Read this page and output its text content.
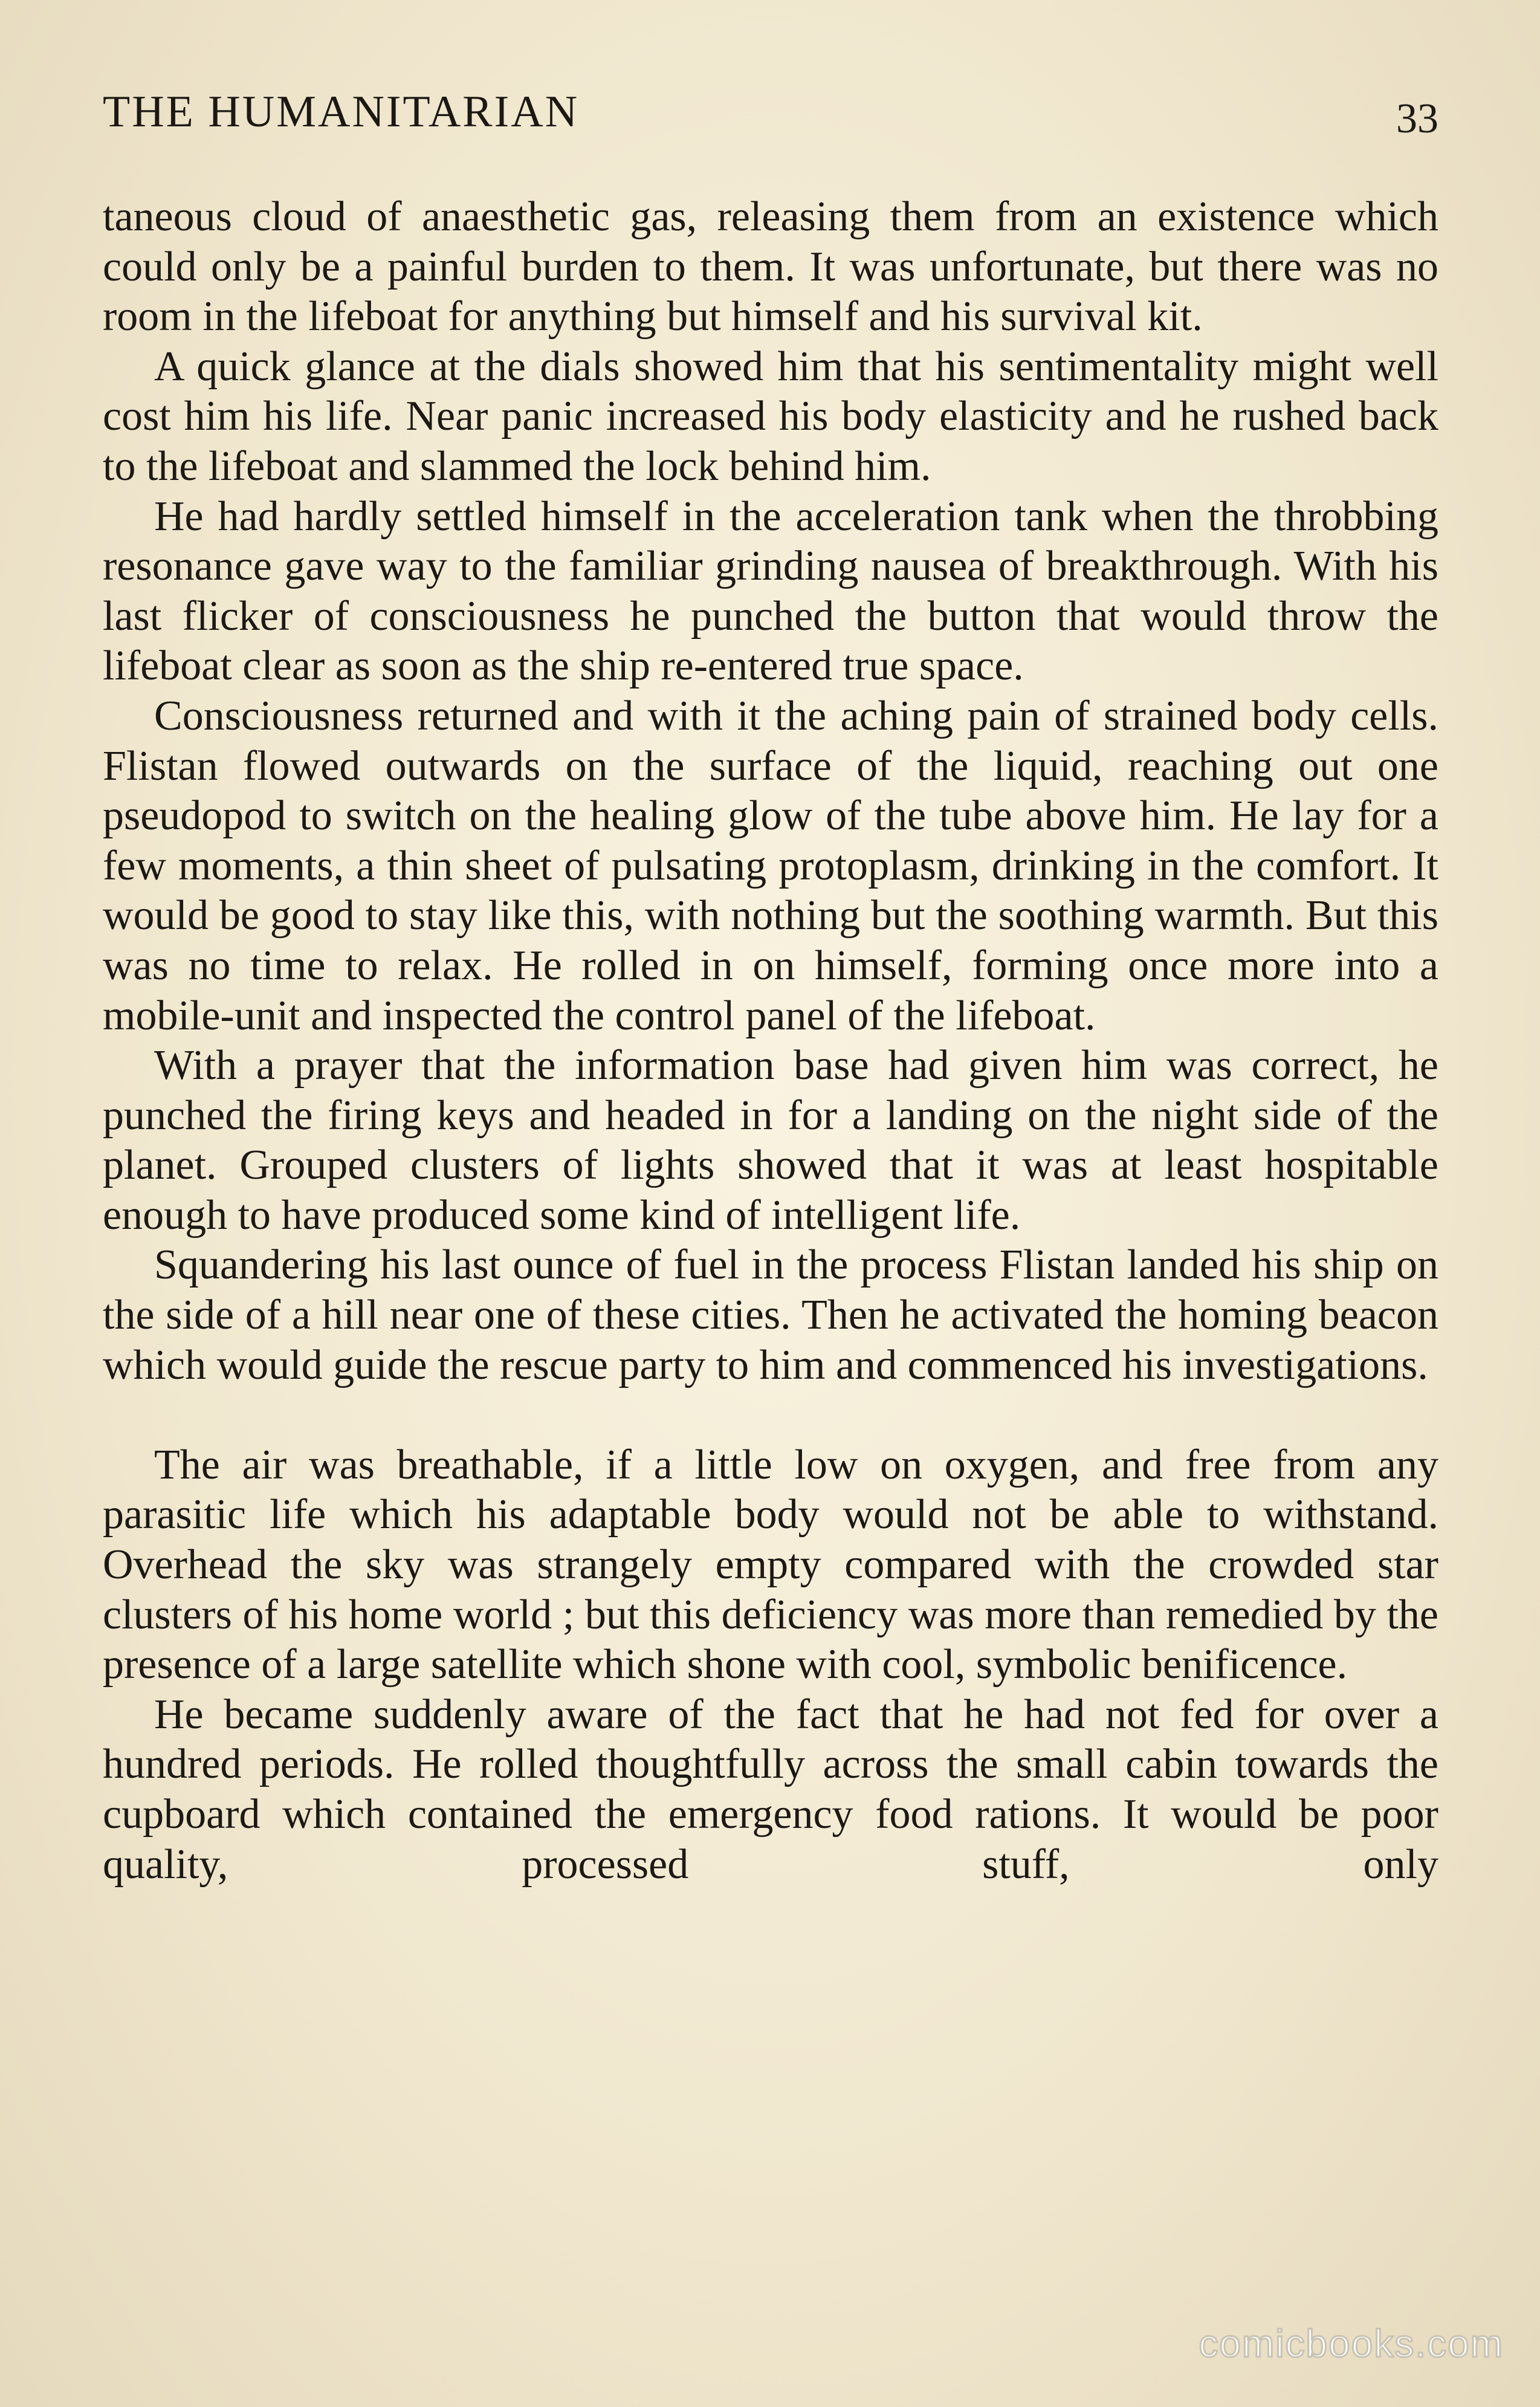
THE HUMANITARIAN	33

taneous cloud of anaesthetic gas, releasing them from an existence which could only be a painful burden to them. It was unfortunate, but there was no room in the lifeboat for anything but himself and his survival kit.

A quick glance at the dials showed him that his sentimentality might well cost him his life. Near panic increased his body elasticity and he rushed back to the lifeboat and slammed the lock behind him.

He had hardly settled himself in the acceleration tank when the throbbing resonance gave way to the familiar grinding nausea of breakthrough. With his last flicker of consciousness he punched the button that would throw the lifeboat clear as soon as the ship re-entered true space.

Consciousness returned and with it the aching pain of strained body cells. Flistan flowed outwards on the surface of the liquid, reaching out one pseudopod to switch on the healing glow of the tube above him. He lay for a few moments, a thin sheet of pulsating protoplasm, drinking in the comfort. It would be good to stay like this, with nothing but the soothing warmth. But this was no time to relax. He rolled in on himself, forming once more into a mobile-unit and inspected the control panel of the lifeboat.

With a prayer that the information base had given him was correct, he punched the firing keys and headed in for a landing on the night side of the planet. Grouped clusters of lights showed that it was at least hospitable enough to have produced some kind of intelligent life.

Squandering his last ounce of fuel in the process Flistan landed his ship on the side of a hill near one of these cities. Then he activated the homing beacon which would guide the rescue party to him and commenced his investigations.

The air was breathable, if a little low on oxygen, and free from any parasitic life which his adaptable body would not be able to withstand. Overhead the sky was strangely empty compared with the crowded star clusters of his home world ; but this deficiency was more than remedied by the presence of a large satellite which shone with cool, symbolic benificence.

He became suddenly aware of the fact that he had not fed for over a hundred periods. He rolled thoughtfully across the small cabin towards the cupboard which contained the emergency food rations. It would be poor quality, processed stuff, only

comicbooks.com
